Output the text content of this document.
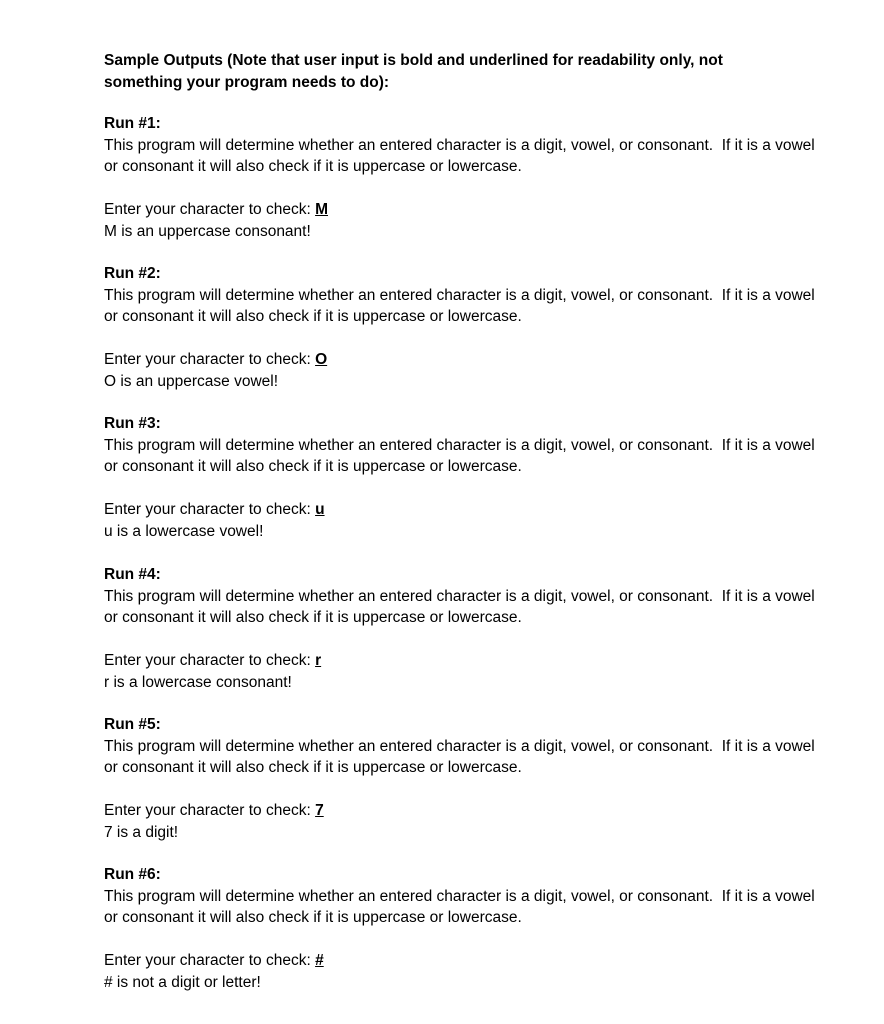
Sample Outputs (Note that user input is bold and underlined for readability only, not something your program needs to do):

Run #1:
This program will determine whether an entered character is a digit, vowel, or consonant.  If it is a vowel or consonant it will also check if it is uppercase or lowercase.
Enter your character to check: M
M is an uppercase consonant!
Run #2:
This program will determine whether an entered character is a digit, vowel, or consonant.  If it is a vowel or consonant it will also check if it is uppercase or lowercase.
Enter your character to check: O
O is an uppercase vowel!
Run #3:
This program will determine whether an entered character is a digit, vowel, or consonant.  If it is a vowel or consonant it will also check if it is uppercase or lowercase.
Enter your character to check: u
u is a lowercase vowel!
Run #4:
This program will determine whether an entered character is a digit, vowel, or consonant.  If it is a vowel or consonant it will also check if it is uppercase or lowercase.
Enter your character to check: r
r is a lowercase consonant!
Run #5:
This program will determine whether an entered character is a digit, vowel, or consonant.  If it is a vowel or consonant it will also check if it is uppercase or lowercase.
Enter your character to check: 7
7 is a digit!
Run #6:
This program will determine whether an entered character is a digit, vowel, or consonant.  If it is a vowel or consonant it will also check if it is uppercase or lowercase.
Enter your character to check: #
# is not a digit or letter!
